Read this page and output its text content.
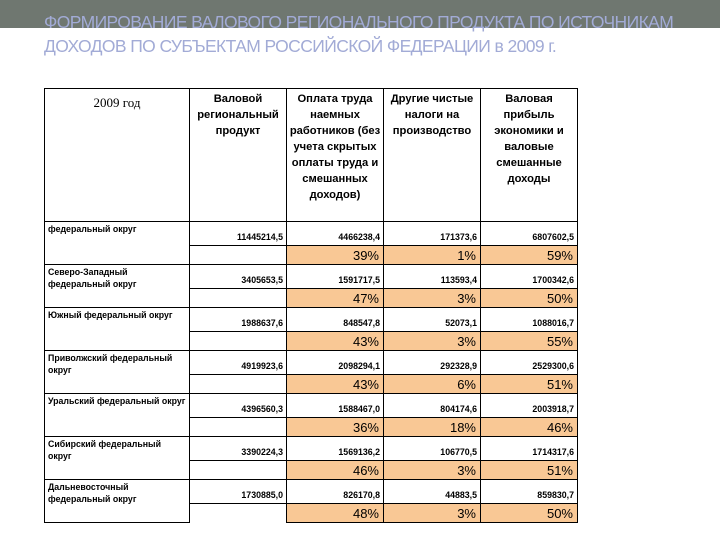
ФОРМИРОВАНИЕ ВАЛОВОГО РЕГИОНАЛЬНОГО ПРОДУКТА ПО ИСТОЧНИКАМ ДОХОДОВ ПО СУБЪЕКТАМ РОССИЙСКОЙ ФЕДЕРАЦИИ в 2009 г.
2009 год	Валовой региональный продукт	Оплата труда наемных работников (без учета скрытых оплаты труда и смешанных доходов)	Другие чистые налоги на производство	Валовая прибыль экономики и валовые смешанные доходы
федеральный округ	11445214,5	4466238,4	171373,6	6807602,5
		39%	1%	59%
Северо-Западный федеральный округ	3405653,5	1591717,5	113593,4	1700342,6
		47%	3%	50%
Южный федеральный округ	1988637,6	848547,8	52073,1	1088016,7
		43%	3%	55%
Приволжский федеральный округ	4919923,6	2098294,1	292328,9	2529300,6
		43%	6%	51%
Уральский федеральный округ	4396560,3	1588467,0	804174,6	2003918,7
		36%	18%	46%
Сибирский федеральный округ	3390224,3	1569136,2	106770,5	1714317,6
		46%	3%	51%
Дальневосточный федеральный округ	1730885,0	826170,8	44883,5	859830,7
		48%	3%	50%
